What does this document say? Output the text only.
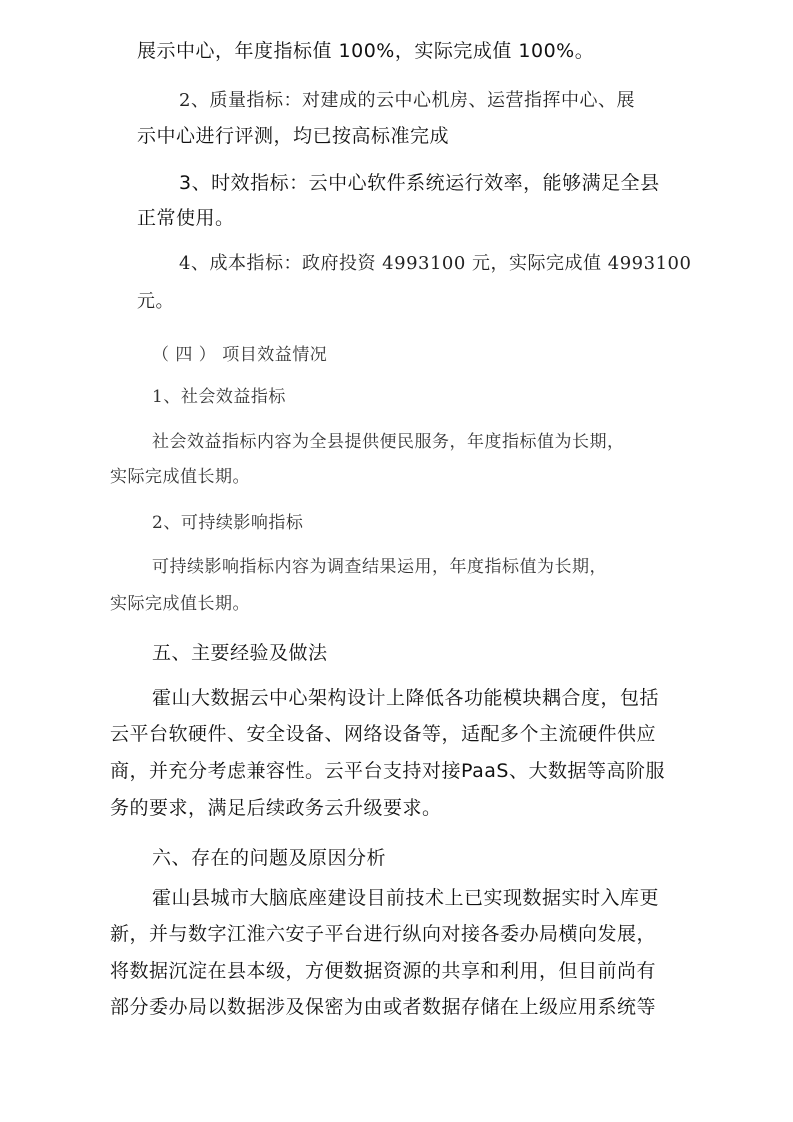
展示中心，年度指标值 100%，实际完成值 100%。
2、质量指标：对建成的云中心机房、运营指挥中心、展
示中心进行评测，均已按高标准完成
3、时效指标：云中心软件系统运行效率，能够满足全县
正常使用。
4、成本指标：政府投资 4993100 元，实际完成值 4993100
元。
（ 四 ） 项目效益情况
1、社会效益指标
社会效益指标内容为全县提供便民服务，年度指标值为长期，
实际完成值长期。
2、可持续影响指标
可持续影响指标内容为调查结果运用，年度指标值为长期，
实际完成值长期。
五、主要经验及做法
霍山大数据云中心架构设计上降低各功能模块耦合度，包括
云平台软硬件、安全设备、网络设备等，适配多个主流硬件供应
商，并充分考虑兼容性。云平台支持对接PaaS、大数据等高阶服
务的要求，满足后续政务云升级要求。
六、存在的问题及原因分析
霍山县城市大脑底座建设目前技术上已实现数据实时入库更
新，并与数字江淮六安子平台进行纵向对接各委办局横向发展，
将数据沉淀在县本级，方便数据资源的共享和利用，但目前尚有
部分委办局以数据涉及保密为由或者数据存储在上级应用系统等
